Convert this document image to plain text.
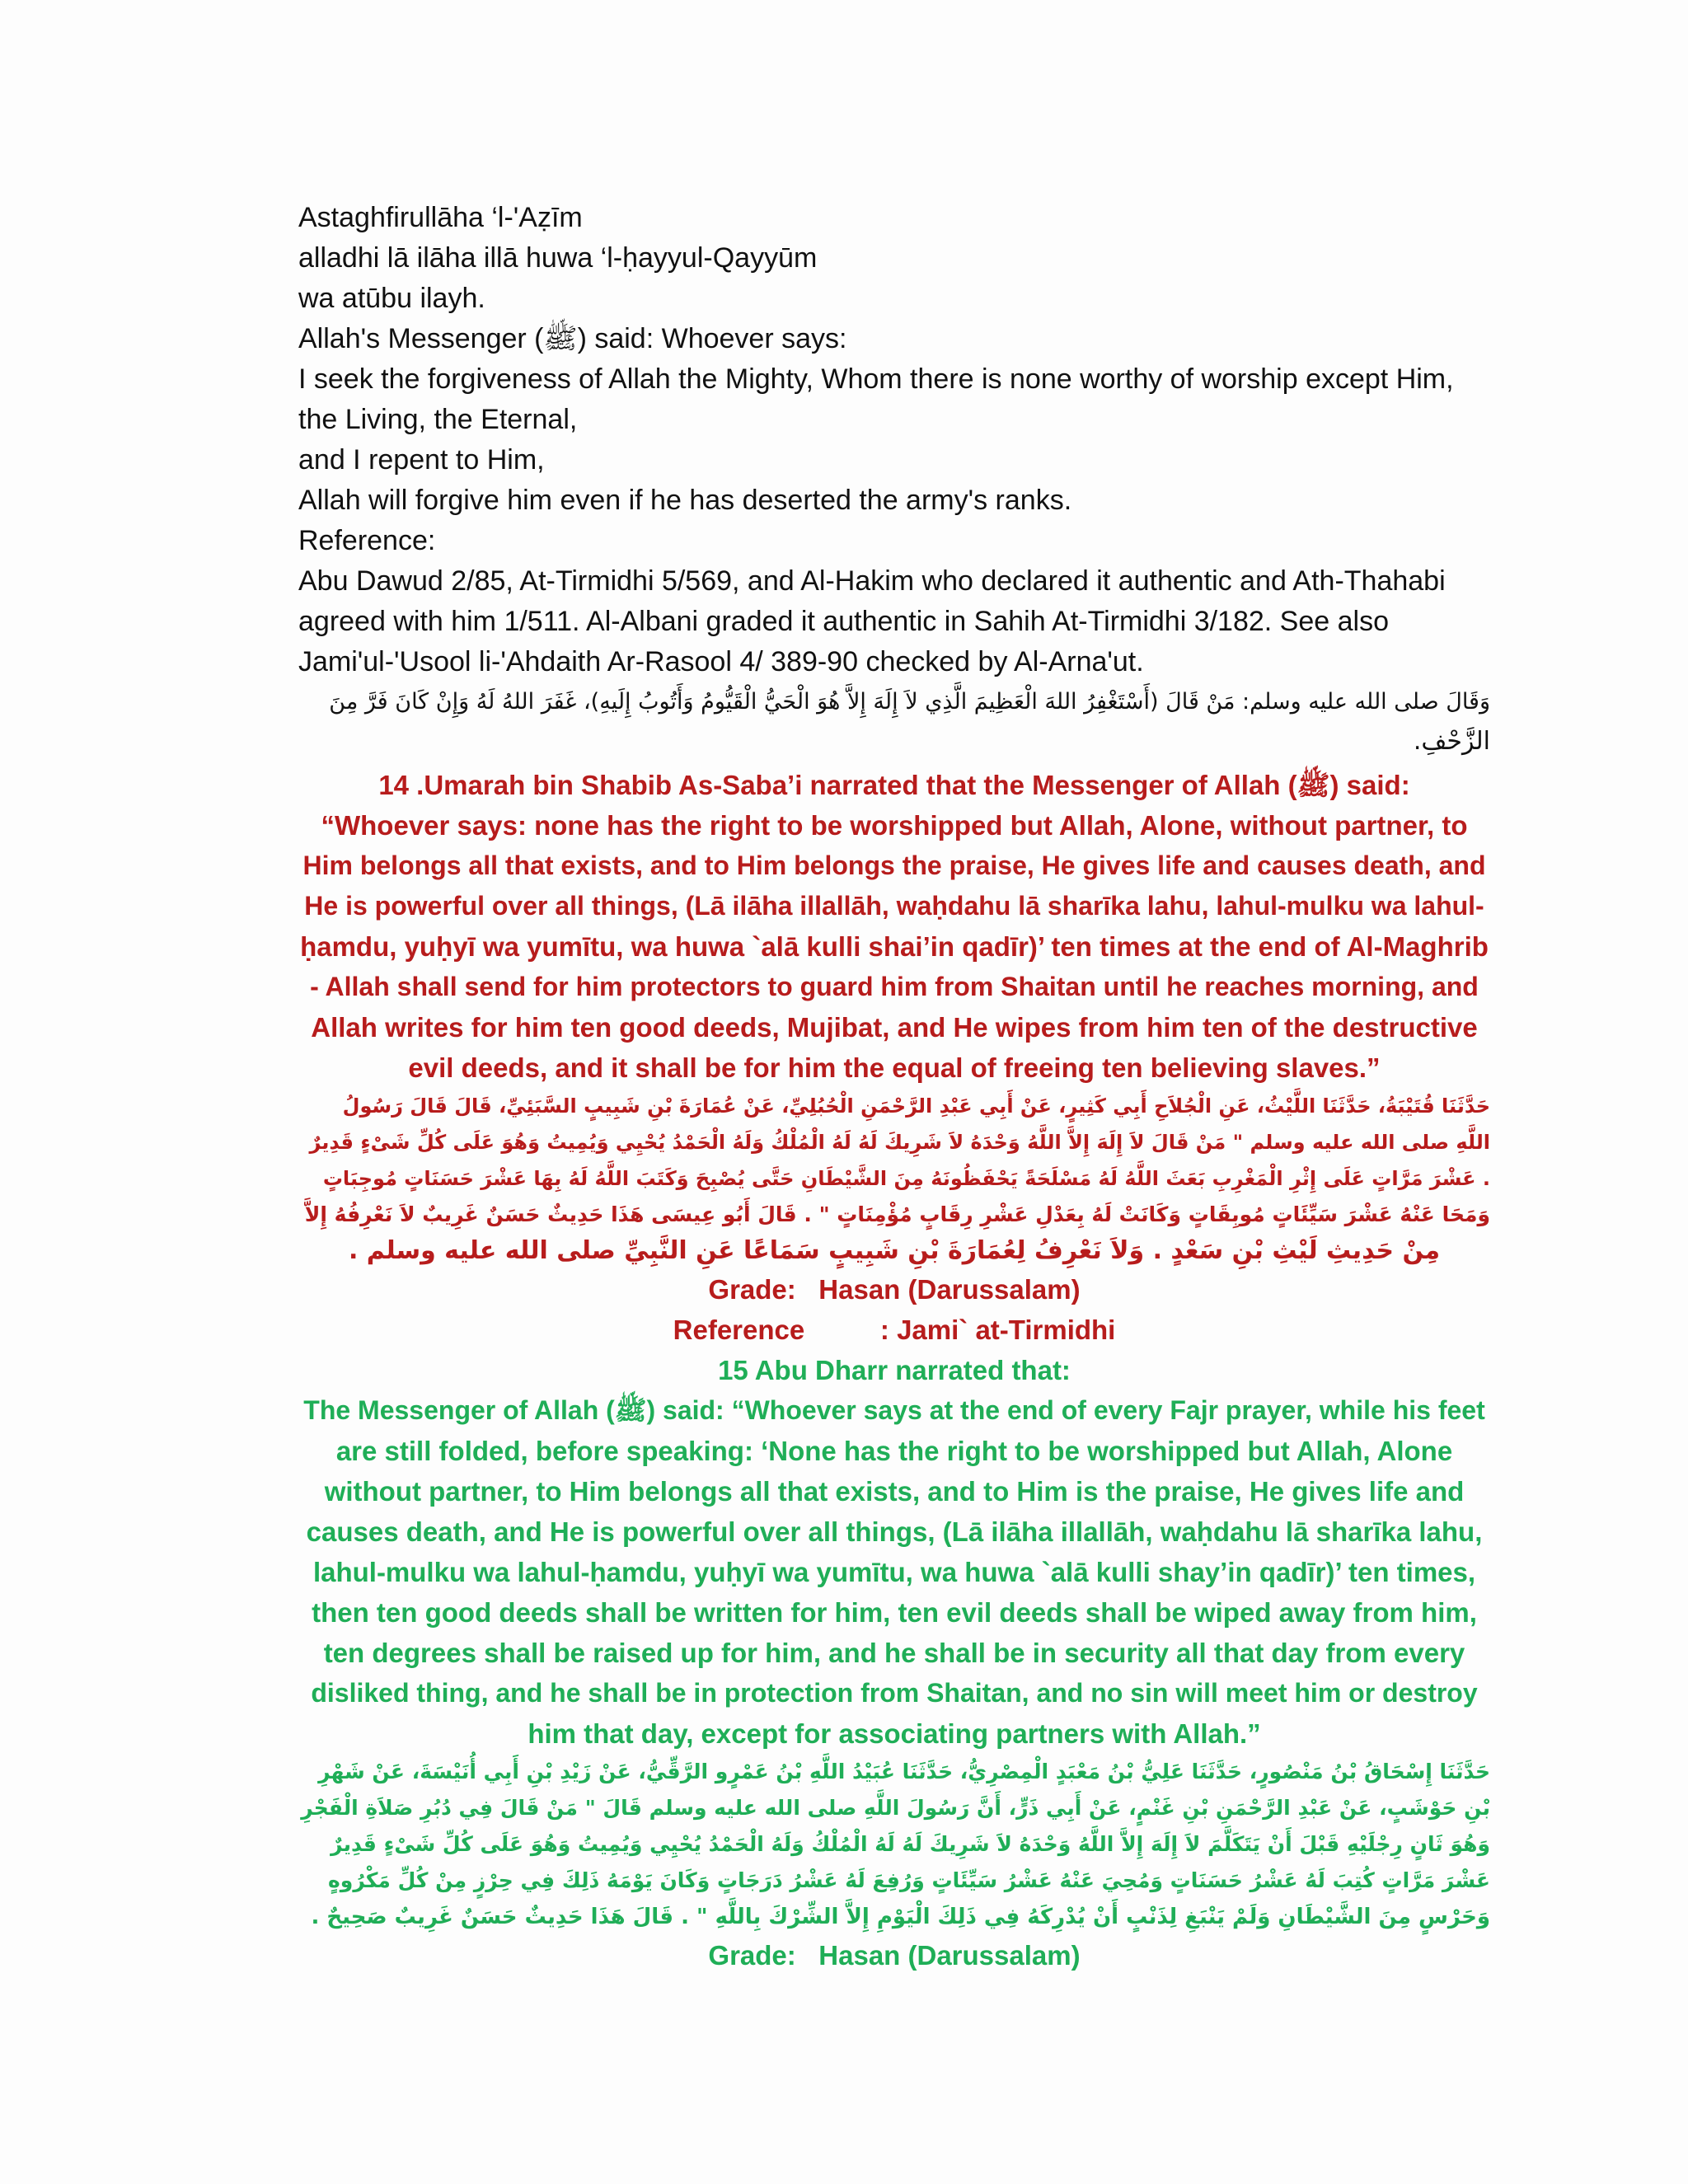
Astaghfirullāha ‘l-'Aẓīm
alladhi lā ilāha illā huwa ‘l-ḥayyul-Qayyūm
wa atūbu ilayh.
Allah's Messenger (ﷺ) said: Whoever says:
I seek the forgiveness of Allah the Mighty, Whom there is none worthy of worship except Him,
the Living, the Eternal,
and I repent to Him,
Allah will forgive him even if he has deserted the army's ranks.
Reference:
Abu Dawud 2/85, At-Tirmidhi 5/569, and Al-Hakim who declared it authentic and Ath-Thahabi
agreed with him 1/511. Al-Albani graded it authentic in Sahih At-Tirmidhi 3/182. See also
Jami'ul-'Usool li-'Ahdaith Ar-Rasool 4/ 389-90 checked by Al-Arna'ut.
وَقَالَ صلى الله عليه وسلم: مَنْ قَالَ (أَسْتَغْفِرُ اللهَ الْعَظِيمَ الَّذِي لاَ إِلَهَ إِلاَّ هُوَ الْحَيُّ الْقَيُّومُ وَأَتُوبُ إِلَيهِ)، غَفَرَ اللهُ لَهُ وَإِنْ كَانَ فَرَّ مِنَ
الزَّحْفِ.
14 .Umarah bin Shabib As-Saba’i narrated that the Messenger of Allah (ﷺ) said:
“Whoever says: none has the right to be worshipped but Allah, Alone, without partner, to
Him belongs all that exists, and to Him belongs the praise, He gives life and causes death, and
He is powerful over all things, (Lā ilāha illallāh, waḥdahu lā sharīka lahu, lahul-mulku wa lahul-
ḥamdu, yuḥyī wa yumītu, wa huwa `alā kulli shai’in qadīr)’ ten times at the end of Al-Maghrib
- Allah shall send for him protectors to guard him from Shaitan until he reaches morning, and
Allah writes for him ten good deeds, Mujibat, and He wipes from him ten of the destructive
evil deeds, and it shall be for him the equal of freeing ten believing slaves.”
حَدَّثَنَا قُتَيْبَةُ، حَدَّثَنَا اللَّيْثُ، عَنِ الْجُلاَحِ أَبِي كَثِيرٍ، عَنْ أَبِي عَبْدِ الرَّحْمَنِ الْحُبُلِيِّ، عَنْ عُمَارَةَ بْنِ شَبِيبٍ السَّبَئِيِّ، قَالَ قَالَ رَسُولُ
اللَّهِ صلى الله عليه وسلم " مَنْ قَالَ لاَ إِلَهَ إِلاَّ اللَّهُ وَحْدَهُ لاَ شَرِيكَ لَهُ لَهُ الْمُلْكُ وَلَهُ الْحَمْدُ يُحْيِي وَيُمِيتُ وَهُوَ عَلَى كُلِّ شَىْءٍ قَدِيرٌ
. عَشْرَ مَرَّاتٍ عَلَى إِثْرِ الْمَغْرِبِ بَعَثَ اللَّهُ لَهُ مَسْلَحَةً يَحْفَظُونَهُ مِنَ الشَّيْطَانِ حَتَّى يُصْبِحَ وَكَتَبَ اللَّهُ لَهُ بِهَا عَشْرَ حَسَنَاتٍ مُوجِبَاتٍ
وَمَحَا عَنْهُ عَشْرَ سَيِّئَاتٍ مُوبِقَاتٍ وَكَانَتْ لَهُ بِعَدْلِ عَشْرِ رِقَابٍ مُؤْمِنَاتٍ " . قَالَ أَبُو عِيسَى هَذَا حَدِيثٌ حَسَنٌ غَرِيبٌ لاَ نَعْرِفُهُ إِلاَّ
مِنْ حَدِيثِ لَيْثِ بْنِ سَعْدٍ . وَلاَ نَعْرِفُ لِعُمَارَةَ بْنِ شَبِيبٍ سَمَاعًا عَنِ النَّبِيِّ صلى الله عليه وسلم .
Grade:   Hasan (Darussalam)
Reference          : Jami` at-Tirmidhi
15 Abu Dharr narrated that:
The Messenger of Allah (ﷺ) said: “Whoever says at the end of every Fajr prayer, while his feet
are still folded, before speaking: ‘None has the right to be worshipped but Allah, Alone
without partner, to Him belongs all that exists, and to Him is the praise, He gives life and
causes death, and He is powerful over all things, (Lā ilāha illallāh, waḥdahu lā sharīka lahu,
lahul-mulku wa lahul-ḥamdu, yuḥyī wa yumītu, wa huwa `alā kulli shay’in qadīr)’ ten times,
then ten good deeds shall be written for him, ten evil deeds shall be wiped away from him,
ten degrees shall be raised up for him, and he shall be in security all that day from every
disliked thing, and he shall be in protection from Shaitan, and no sin will meet him or destroy
him that day, except for associating partners with Allah.”
حَدَّثَنَا إِسْحَاقُ بْنُ مَنْصُورٍ، حَدَّثَنَا عَلِيُّ بْنُ مَعْبَدٍ الْمِصْرِيُّ، حَدَّثَنَا عُبَيْدُ اللَّهِ بْنُ عَمْرٍو الرَّقِّيُّ، عَنْ زَيْدِ بْنِ أَبِي أُنَيْسَةَ، عَنْ شَهْرِ
بْنِ حَوْشَبٍ، عَنْ عَبْدِ الرَّحْمَنِ بْنِ غَنْمٍ، عَنْ أَبِي ذَرٍّ، أَنَّ رَسُولَ اللَّهِ صلى الله عليه وسلم قَالَ " مَنْ قَالَ فِي دُبُرِ صَلاَةِ الْفَجْرِ
وَهُوَ ثَانٍ رِجْلَيْهِ قَبْلَ أَنْ يَتَكَلَّمَ لاَ إِلَهَ إِلاَّ اللَّهُ وَحْدَهُ لاَ شَرِيكَ لَهُ لَهُ الْمُلْكُ وَلَهُ الْحَمْدُ يُحْيِي وَيُمِيتُ وَهُوَ عَلَى كُلِّ شَىْءٍ قَدِيرٌ
عَشْرَ مَرَّاتٍ كُتِبَ لَهُ عَشْرُ حَسَنَاتٍ وَمُحِيَ عَنْهُ عَشْرُ سَيِّئَاتٍ وَرُفِعَ لَهُ عَشْرُ دَرَجَاتٍ وَكَانَ يَوْمَهُ ذَلِكَ فِي حِرْزٍ مِنْ كُلِّ مَكْرُوهٍ
وَحَرْسٍ مِنَ الشَّيْطَانِ وَلَمْ يَنْبَغِ لِذَنْبٍ أَنْ يُدْرِكَهُ فِي ذَلِكَ الْيَوْمِ إِلاَّ الشِّرْكَ بِاللَّهِ " . قَالَ هَذَا حَدِيثٌ حَسَنٌ غَرِيبٌ صَحِيحٌ .
Grade:   Hasan (Darussalam)
